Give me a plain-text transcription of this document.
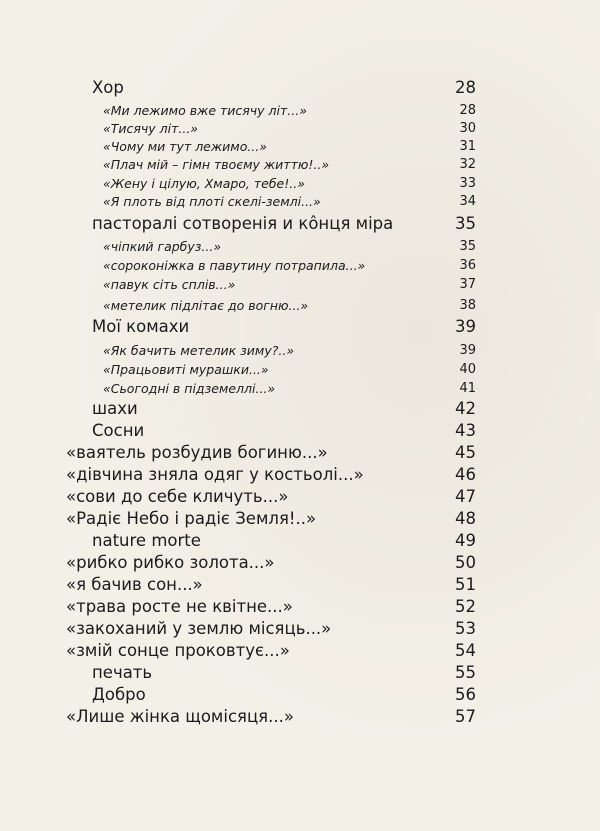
Хор	28
«Ми лежимо вже тисячу літ...»	28
«Тисячу літ...»	30
«Чому ми тут лежимо...»	31
«Плач мій – гімн твоєму життю!..»	32
«Жену і цілую, Хмаро, тебе!..»	33
«Я плоть від плоті скелі-землі...»	34
пасторалі сотворенія и кôнця міра	35
«чіпкий гарбуз...»	35
«сороконіжка в павутину потрапила...»	36
«павук сіть сплів...»	37
«метелик підлітає до вогню...»	38
Мої комахи	39
«Як бачить метелик зиму?..»	39
«Працьовиті мурашки...»	40
«Сьогодні в підземеллі...»	41
шахи	42
Сосни	43
«ваятель розбудив богиню...»	45
«дівчина зняла одяг у костьолі...»	46
«сови до себе кличуть...»	47
«Радіє Небо і радіє Земля!..»	48
nature morte	49
«рибко рибко золота...»	50
«я бачив сон...»	51
«трава росте не квітне...»	52
«закоханий у землю місяць...»	53
«змій сонце проковтує...»	54
печать	55
Добро	56
«Лише жінка щомісяця...»	57
